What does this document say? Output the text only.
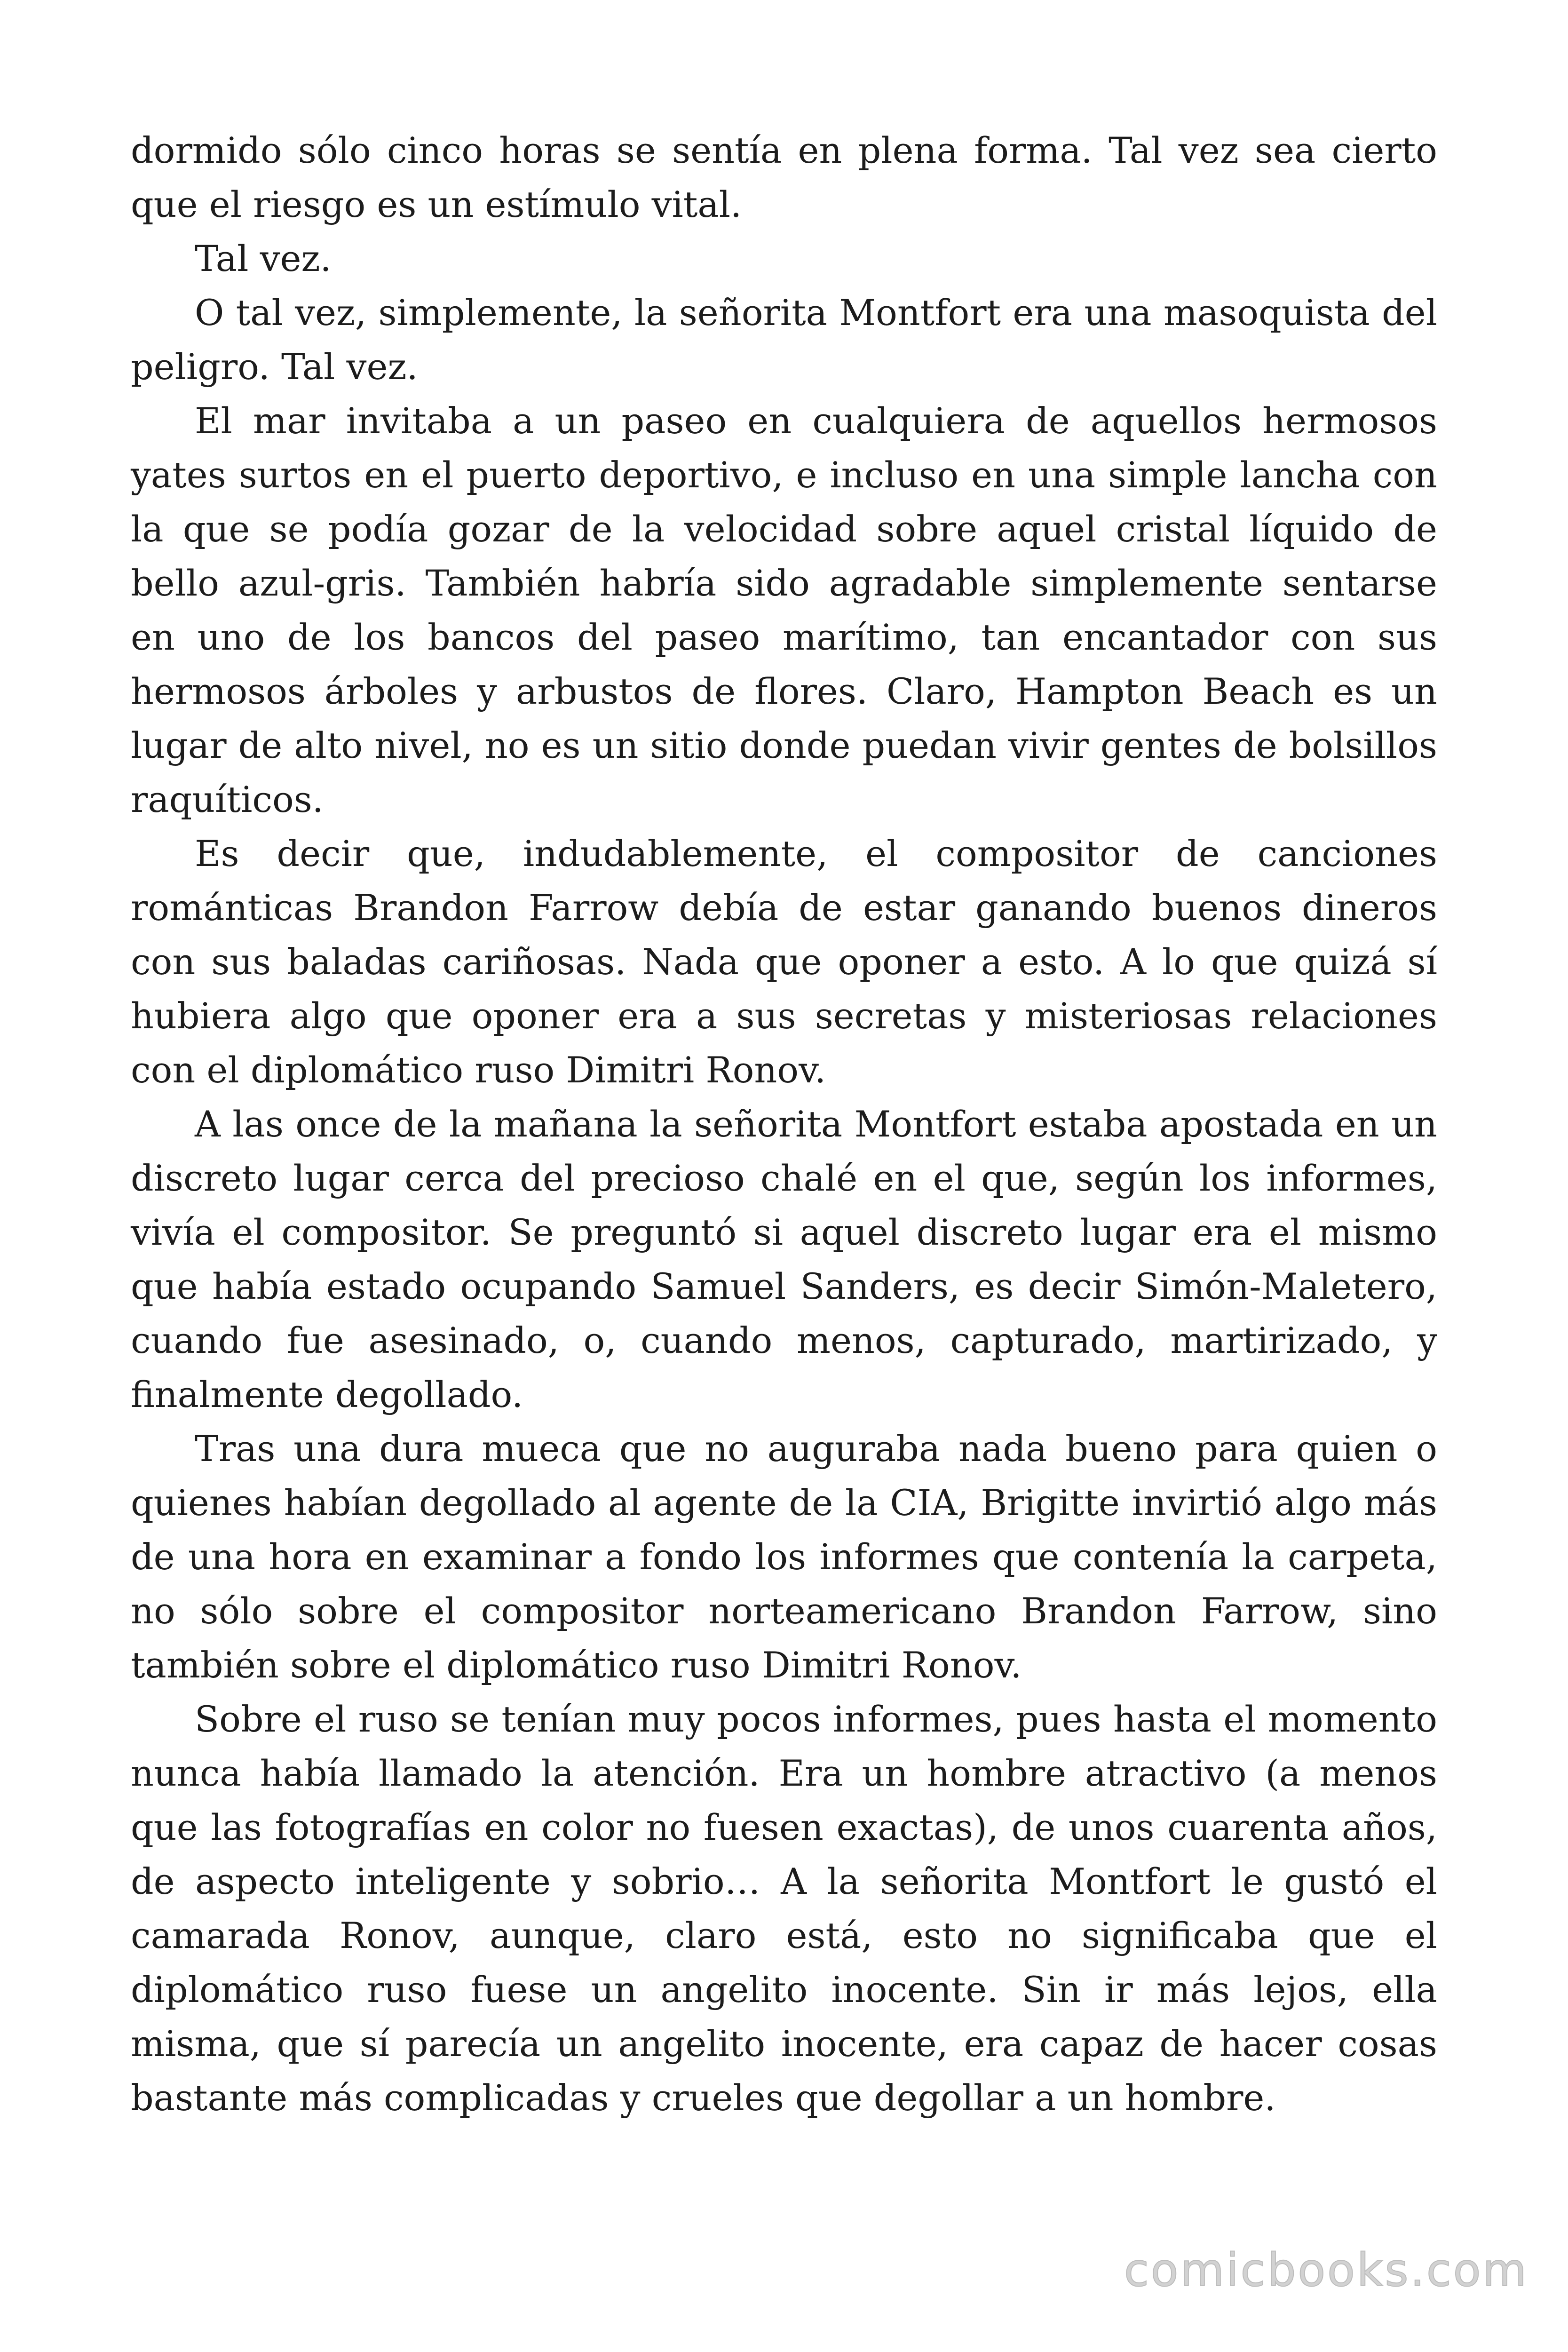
dormido sólo cinco horas se sentía en plena forma. Tal vez sea cierto que el riesgo es un estímulo vital.

Tal vez.

O tal vez, simplemente, la señorita Montfort era una masoquista del peligro. Tal vez.

El mar invitaba a un paseo en cualquiera de aquellos hermosos yates surtos en el puerto deportivo, e incluso en una simple lancha con la que se podía gozar de la velocidad sobre aquel cristal líquido de bello azul-gris. También habría sido agradable simplemente sentarse en uno de los bancos del paseo marítimo, tan encantador con sus hermosos árboles y arbustos de flores. Claro, Hampton Beach es un lugar de alto nivel, no es un sitio donde puedan vivir gentes de bolsillos raquíticos.

Es decir que, indudablemente, el compositor de canciones románticas Brandon Farrow debía de estar ganando buenos dineros con sus baladas cariñosas. Nada que oponer a esto. A lo que quizá sí hubiera algo que oponer era a sus secretas y misteriosas relaciones con el diplomático ruso Dimitri Ronov.

A las once de la mañana la señorita Montfort estaba apostada en un discreto lugar cerca del precioso chalé en el que, según los informes, vivía el compositor. Se preguntó si aquel discreto lugar era el mismo que había estado ocupando Samuel Sanders, es decir Simón-Maletero, cuando fue asesinado, o, cuando menos, capturado, martirizado, y finalmente degollado.

Tras una dura mueca que no auguraba nada bueno para quien o quienes habían degollado al agente de la CIA, Brigitte invirtió algo más de una hora en examinar a fondo los informes que contenía la carpeta, no sólo sobre el compositor norteamericano Brandon Farrow, sino también sobre el diplomático ruso Dimitri Ronov.

Sobre el ruso se tenían muy pocos informes, pues hasta el momento nunca había llamado la atención. Era un hombre atractivo (a menos que las fotografías en color no fuesen exactas), de unos cuarenta años, de aspecto inteligente y sobrio… A la señorita Montfort le gustó el camarada Ronov, aunque, claro está, esto no significaba que el diplomático ruso fuese un angelito inocente. Sin ir más lejos, ella misma, que sí parecía un angelito inocente, era capaz de hacer cosas bastante más complicadas y crueles que degollar a un hombre.

comicbooks.com
